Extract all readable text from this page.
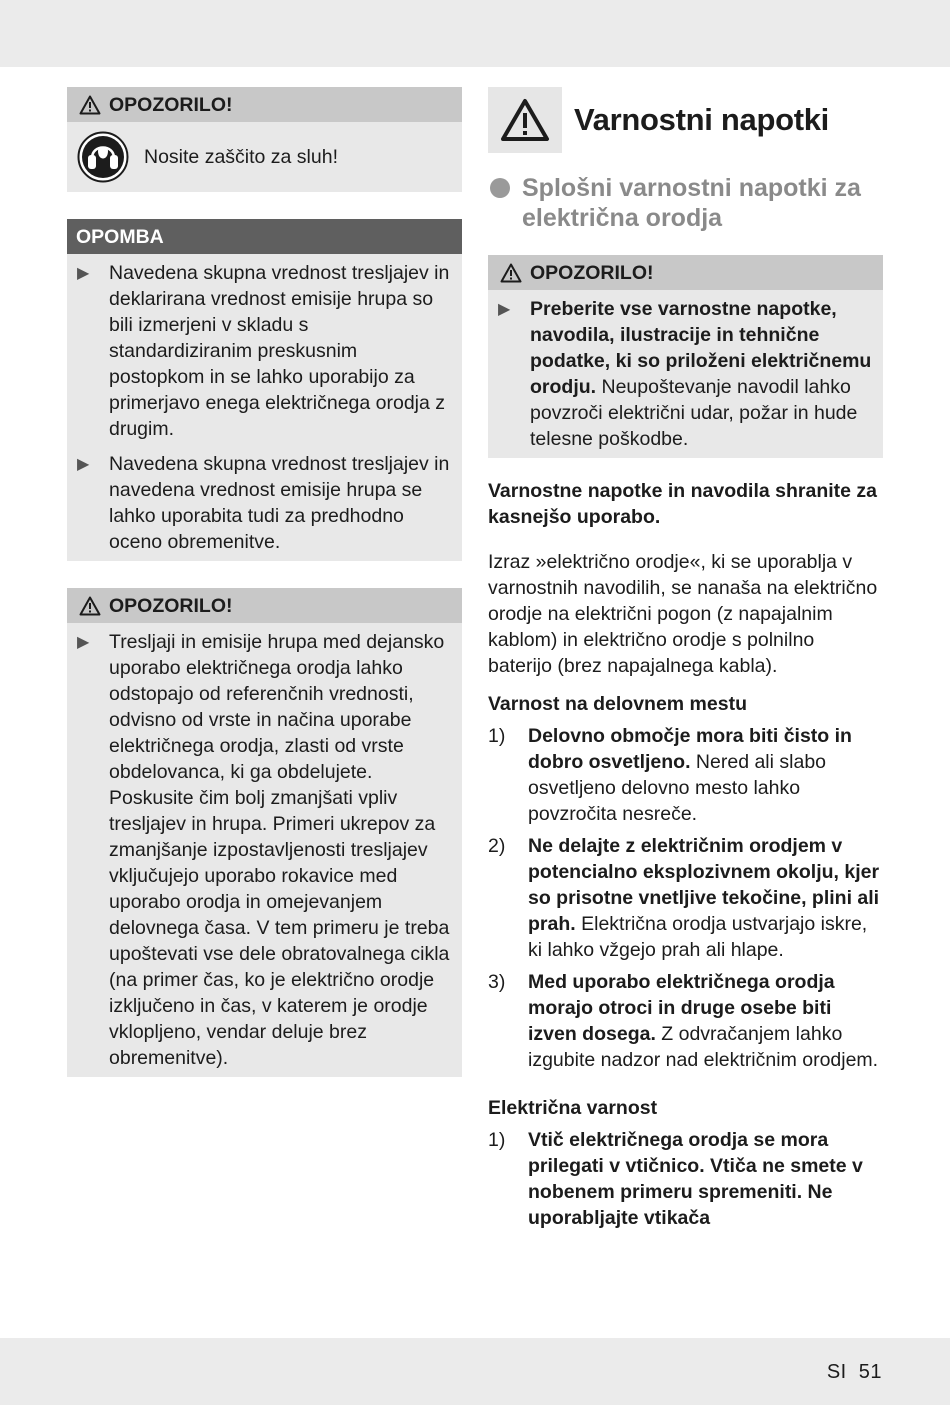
OPOZORILO!
Nosite zaščito za sluh!
OPOMBA
▶	Navedena skupna vrednost tresljajev in deklarirana vrednost emisije hrupa so bili izmerjeni v skladu s standardiziranim preskusnim postopkom in se lahko uporabijo za primerjavo enega električnega orodja z drugim.
▶	Navedena skupna vrednost tresljajev in navedena vrednost emisije hrupa se lahko uporabita tudi za predhodno oceno obremenitve.
OPOZORILO!
▶	Tresljaji in emisije hrupa med dejansko uporabo električnega orodja lahko odstopajo od referenčnih vrednosti, odvisno od vrste in načina uporabe električnega orodja, zlasti od vrste obdelovanca, ki ga obdelujete.

Poskusite čim bolj zmanjšati vpliv tresljajev in hrupa. Primeri ukrepov za zmanjšanje izpostavljenosti tresljajev vključujejo uporabo rokavice med uporabo orodja in omejevanjem delovnega časa. V tem primeru je treba upoštevati vse dele obratovalnega cikla (na primer čas, ko je električno orodje izključeno in čas, v katerem je orodje vklopljeno, vendar deluje brez obremenitve).

Varnostni napotki
Splošni varnostni napotki za električna orodja
OPOZORILO!
▶	Preberite vse varnostne napotke, navodila, ilustracije in tehnične podatke, ki so priloženi električnemu orodju. Neupoštevanje navodil lahko povzroči električni udar, požar in hude telesne poškodbe.

Varnostne napotke in navodila shranite za kasnejšo uporabo.

Izraz »električno orodje«, ki se uporablja v varnostnih navodilih, se nanaša na električno orodje na električni pogon (z napajalnim kablom) in električno orodje s polnilno baterijo (brez napajalnega kabla).

Varnost na delovnem mestu

1)	Delovno območje mora biti čisto in dobro osvetljeno. Nered ali slabo osvetljeno delovno mesto lahko povzročita nesreče.
2)	Ne delajte z električnim orodjem v potencialno eksplozivnem okolju, kjer so prisotne vnetljive tekočine, plini ali prah. Električna orodja ustvarjajo iskre, ki lahko vžgejo prah ali hlape.
3)	Med uporabo električnega orodja morajo otroci in druge osebe biti izven dosega. Z odvračanjem lahko izgubite nadzor nad električnim orodjem.

Električna varnost

1)	Vtič električnega orodja se mora prilegati v vtičnico. Vtiča ne smete v nobenem primeru spremeniti. Ne uporabljajte vtikača
SI 51
